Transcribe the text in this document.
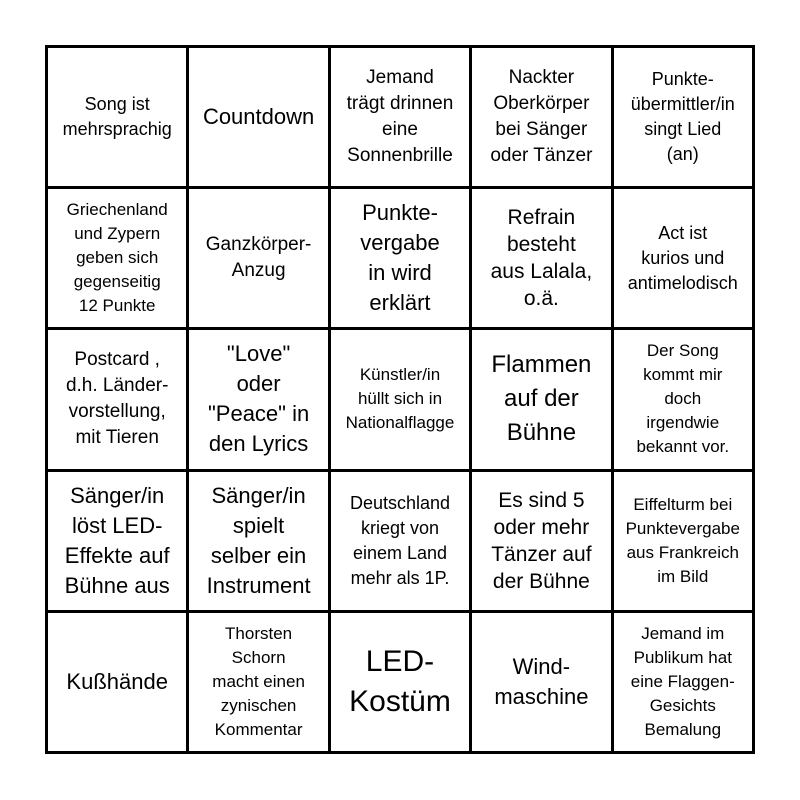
Song ist
mehrsprachig Countdown
Jemand
trägt drinnen
eine
Sonnenbrille
Nackter
Oberkörper
bei Sänger
oder Tänzer
Punkte-
übermittler/in
singt Lied
(an)
Griechenland
und Zypern
geben sich
gegenseitig
12 Punkte
Ganzkörper-
Anzug
Punkte-
vergabe
in wird
erklärt
Refrain
besteht
aus Lalala,
o.ä.
Act ist
kurios und
antimelodisch
Postcard ,
d.h. Länder-
vorstellung,
mit Tieren
"Love"
oder
"Peace" in
den Lyrics
Künstler/in
hüllt sich in
Nationalflagge
Flammen
auf der
Bühne
Der Song
kommt mir
doch
irgendwie
bekannt vor.
Sänger/in
löst LED-
Effekte auf
Bühne aus
Sänger/in
spielt
selber ein
Instrument
Deutschland
kriegt von
einem Land
mehr als 1P.
Es sind 5
oder mehr
Tänzer auf
der Bühne
Eiffelturm bei
Punktevergabe
aus Frankreich
im Bild
Kußhände
Thorsten
Schorn
macht einen
zynischen
Kommentar
LED-
Kostüm
Wind-
maschine
Jemand im
Publikum hat
eine Flaggen-
Gesichts
Bemalung
